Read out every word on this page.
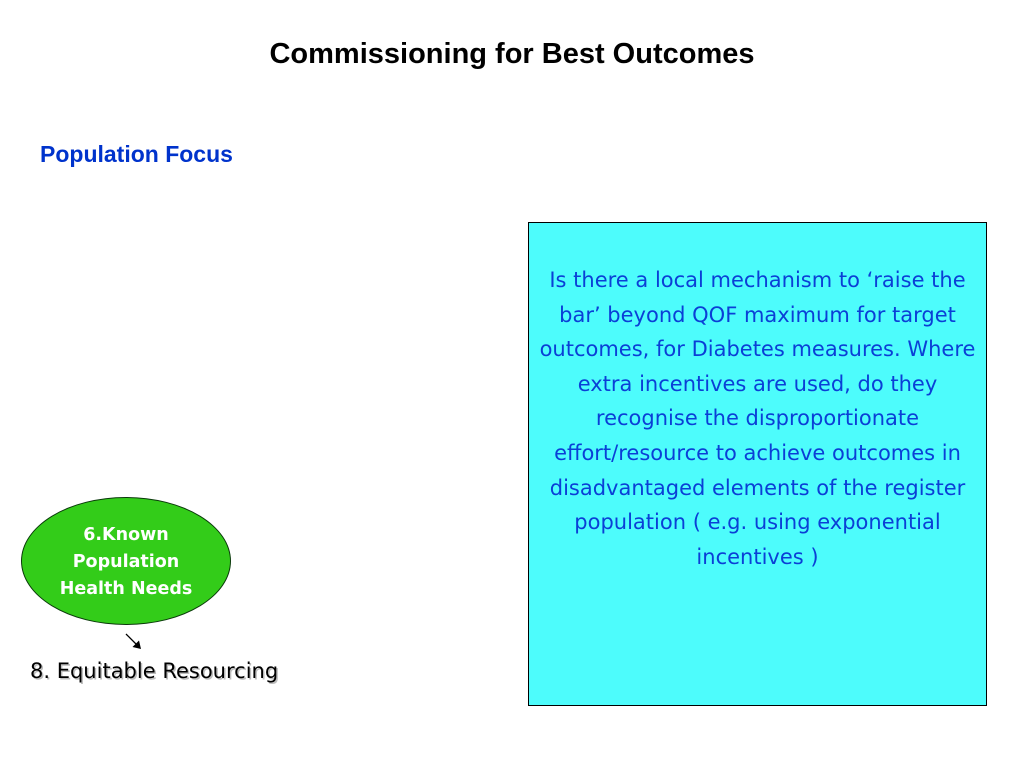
Commissioning for Best Outcomes
Population Focus

Is there a local mechanism to ‘raise the bar’ beyond QOF maximum for target outcomes, for Diabetes measures. Where extra incentives are used, do they recognise the disproportionate effort/resource to achieve outcomes in disadvantaged elements of the register population ( e.g. using exponential incentives )

6.Known
Population
Health Needs

8. Equitable Resourcing
